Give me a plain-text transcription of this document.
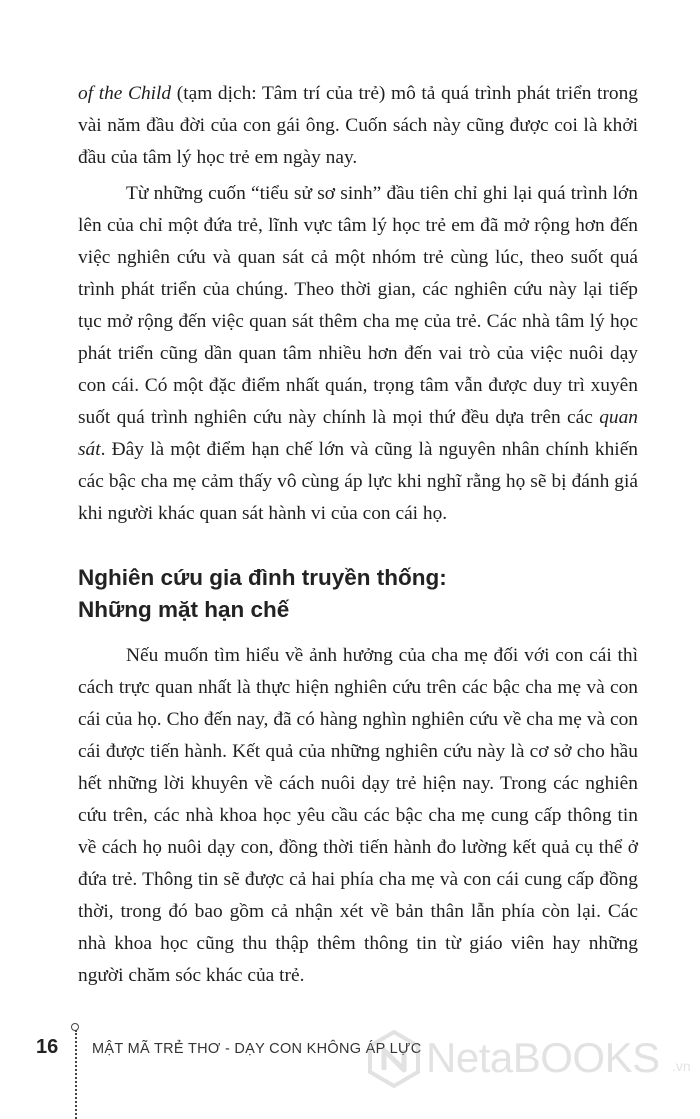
of the Child (tạm dịch: Tâm trí của trẻ) mô tả quá trình phát triển trong vài năm đầu đời của con gái ông. Cuốn sách này cũng được coi là khởi đầu của tâm lý học trẻ em ngày nay.

Từ những cuốn “tiểu sử sơ sinh” đầu tiên chỉ ghi lại quá trình lớn lên của chỉ một đứa trẻ, lĩnh vực tâm lý học trẻ em đã mở rộng hơn đến việc nghiên cứu và quan sát cả một nhóm trẻ cùng lúc, theo suốt quá trình phát triển của chúng. Theo thời gian, các nghiên cứu này lại tiếp tục mở rộng đến việc quan sát thêm cha mẹ của trẻ. Các nhà tâm lý học phát triển cũng dần quan tâm nhiều hơn đến vai trò của việc nuôi dạy con cái. Có một đặc điểm nhất quán, trọng tâm vẫn được duy trì xuyên suốt quá trình nghiên cứu này chính là mọi thứ đều dựa trên các quan sát. Đây là một điểm hạn chế lớn và cũng là nguyên nhân chính khiến các bậc cha mẹ cảm thấy vô cùng áp lực khi nghĩ rằng họ sẽ bị đánh giá khi người khác quan sát hành vi của con cái họ.

Nghiên cứu gia đình truyền thống:
Những mặt hạn chế

Nếu muốn tìm hiểu về ảnh hưởng của cha mẹ đối với con cái thì cách trực quan nhất là thực hiện nghiên cứu trên các bậc cha mẹ và con cái của họ. Cho đến nay, đã có hàng nghìn nghiên cứu về cha mẹ và con cái được tiến hành. Kết quả của những nghiên cứu này là cơ sở cho hầu hết những lời khuyên về cách nuôi dạy trẻ hiện nay. Trong các nghiên cứu trên, các nhà khoa học yêu cầu các bậc cha mẹ cung cấp thông tin về cách họ nuôi dạy con, đồng thời tiến hành đo lường kết quả cụ thể ở đứa trẻ. Thông tin sẽ được cả hai phía cha mẹ và con cái cung cấp đồng thời, trong đó bao gồm cả nhận xét về bản thân lẫn phía còn lại. Các nhà khoa học cũng thu thập thêm thông tin từ giáo viên hay những người chăm sóc khác của trẻ.

16 MẬT MÃ TRẺ THƠ - DẠY CON KHÔNG ÁP LỰC NetaBOOKS .vn
